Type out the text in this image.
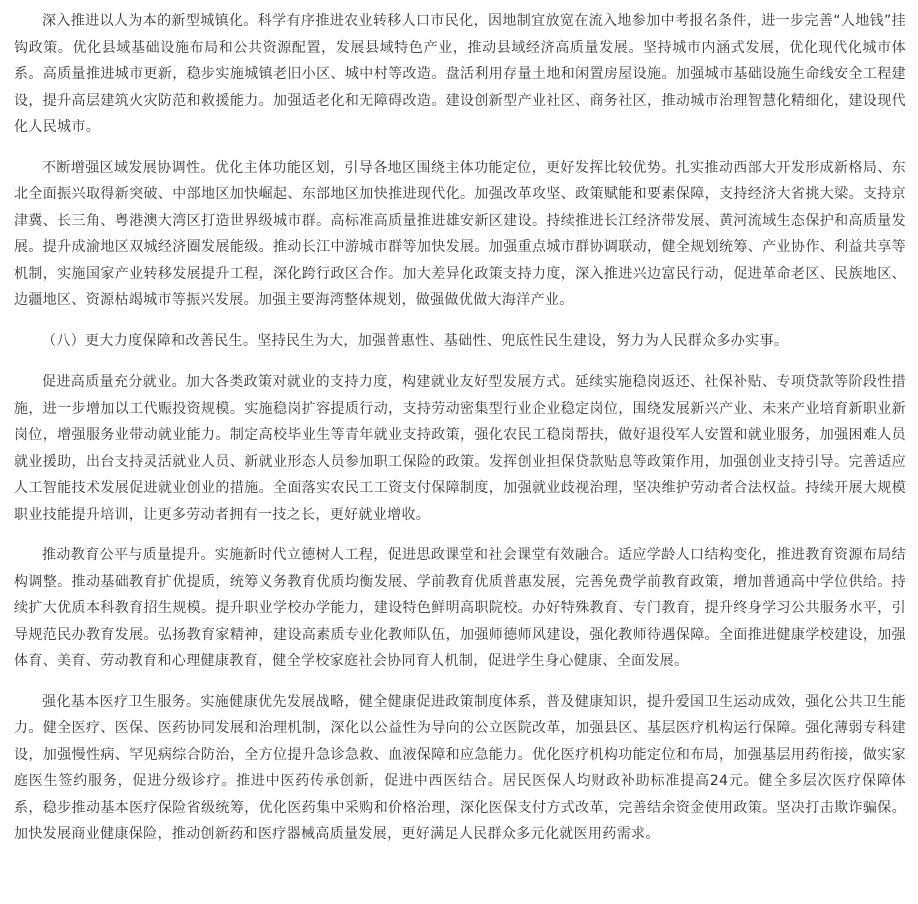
深入推进以人为本的新型城镇化。科学有序推进农业转移人口市民化，因地制宜放宽在流入地参加中考报名条件，进一步完善“人地钱”挂钩政策。优化县域基础设施布局和公共资源配置，发展县域特色产业，推动县域经济高质量发展。坚持城市内涵式发展，优化现代化城市体系。高质量推进城市更新，稳步实施城镇老旧小区、城中村等改造。盘活利用存量土地和闲置房屋设施。加强城市基础设施生命线安全工程建设，提升高层建筑火灾防范和救援能力。加强适老化和无障碍改造。建设创新型产业社区、商务社区，推动城市治理智慧化精细化，建设现代化人民城市。

不断增强区域发展协调性。优化主体功能区划，引导各地区围绕主体功能定位，更好发挥比较优势。扎实推动西部大开发形成新格局、东北全面振兴取得新突破、中部地区加快崛起、东部地区加快推进现代化。加强改革攻坚、政策赋能和要素保障，支持经济大省挑大梁。支持京津冀、长三角、粤港澳大湾区打造世界级城市群。高标准高质量推进雄安新区建设。持续推进长江经济带发展、黄河流域生态保护和高质量发展。提升成渝地区双城经济圈发展能级。推动长江中游城市群等加快发展。加强重点城市群协调联动，健全规划统筹、产业协作、利益共享等机制，实施国家产业转移发展提升工程，深化跨行政区合作。加大差异化政策支持力度，深入推进兴边富民行动，促进革命老区、民族地区、边疆地区、资源枯竭城市等振兴发展。加强主要海湾整体规划，做强做优做大海洋产业。

（八）更大力度保障和改善民生。坚持民生为大，加强普惠性、基础性、兜底性民生建设，努力为人民群众多办实事。

促进高质量充分就业。加大各类政策对就业的支持力度，构建就业友好型发展方式。延续实施稳岗返还、社保补贴、专项贷款等阶段性措施，进一步增加以工代赈投资规模。实施稳岗扩容提质行动，支持劳动密集型行业企业稳定岗位，围绕发展新兴产业、未来产业培育新职业新岗位，增强服务业带动就业能力。制定高校毕业生等青年就业支持政策，强化农民工稳岗帮扶，做好退役军人安置和就业服务，加强困难人员就业援助，出台支持灵活就业人员、新就业形态人员参加职工保险的政策。发挥创业担保贷款贴息等政策作用，加强创业支持引导。完善适应人工智能技术发展促进就业创业的措施。全面落实农民工工资支付保障制度，加强就业歧视治理，坚决维护劳动者合法权益。持续开展大规模职业技能提升培训，让更多劳动者拥有一技之长，更好就业增收。

推动教育公平与质量提升。实施新时代立德树人工程，促进思政课堂和社会课堂有效融合。适应学龄人口结构变化，推进教育资源布局结构调整。推动基础教育扩优提质，统筹义务教育优质均衡发展、学前教育优质普惠发展，完善免费学前教育政策，增加普通高中学位供给。持续扩大优质本科教育招生规模。提升职业学校办学能力，建设特色鲜明高职院校。办好特殊教育、专门教育，提升终身学习公共服务水平，引导规范民办教育发展。弘扬教育家精神，建设高素质专业化教师队伍，加强师德师风建设，强化教师待遇保障。全面推进健康学校建设，加强体育、美育、劳动教育和心理健康教育，健全学校家庭社会协同育人机制，促进学生身心健康、全面发展。

强化基本医疗卫生服务。实施健康优先发展战略，健全健康促进政策制度体系，普及健康知识，提升爱国卫生运动成效，强化公共卫生能力。健全医疗、医保、医药协同发展和治理机制，深化以公益性为导向的公立医院改革，加强县区、基层医疗机构运行保障。强化薄弱专科建设，加强慢性病、罕见病综合防治，全方位提升急诊急救、血液保障和应急能力。优化医疗机构功能定位和布局，加强基层用药衔接，做实家庭医生签约服务，促进分级诊疗。推进中医药传承创新，促进中西医结合。居民医保人均财政补助标准提高24元。健全多层次医疗保障体系，稳步推动基本医疗保险省级统筹，优化医药集中采购和价格治理，深化医保支付方式改革，完善结余资金使用政策。坚决打击欺诈骗保。加快发展商业健康保险，推动创新药和医疗器械高质量发展，更好满足人民群众多元化就医用药需求。
